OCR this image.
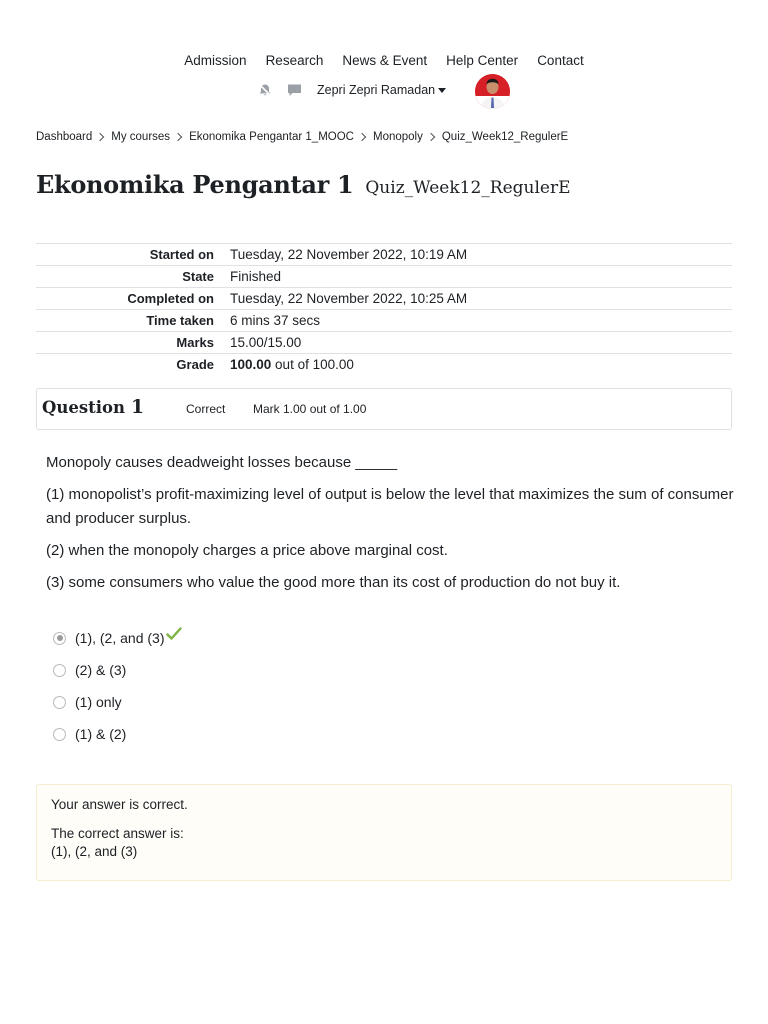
Admission	Research	News & Event	Help Center	Contact
Zepri Zepri Ramadan
Dashboard My courses Ekonomika Pengantar 1_MOOC Monopoly Quiz_Week12_RegulerE
Ekonomika Pengantar 1 Quiz_Week12_RegulerE
Started on	Tuesday, 22 November 2022, 10:19 AM
State	Finished
Completed on	Tuesday, 22 November 2022, 10:25 AM
Time taken	6 mins 37 secs
Marks	15.00/15.00
Grade	100.00 out of 100.00
Question 1	Correct Mark 1.00 out of 1.00

Monopoly causes deadweight losses because _____

(1) monopolist’s profit-maximizing level of output is below the level that maximizes the sum of consumer and producer surplus.

(2) when the monopoly charges a price above marginal cost.

(3) some consumers who value the good more than its cost of production do not buy it.

(1), (2, and (3)
(2) & (3)
(1) only
(1) & (2)
Your answer is correct.
The correct answer is:
(1), (2, and (3)
